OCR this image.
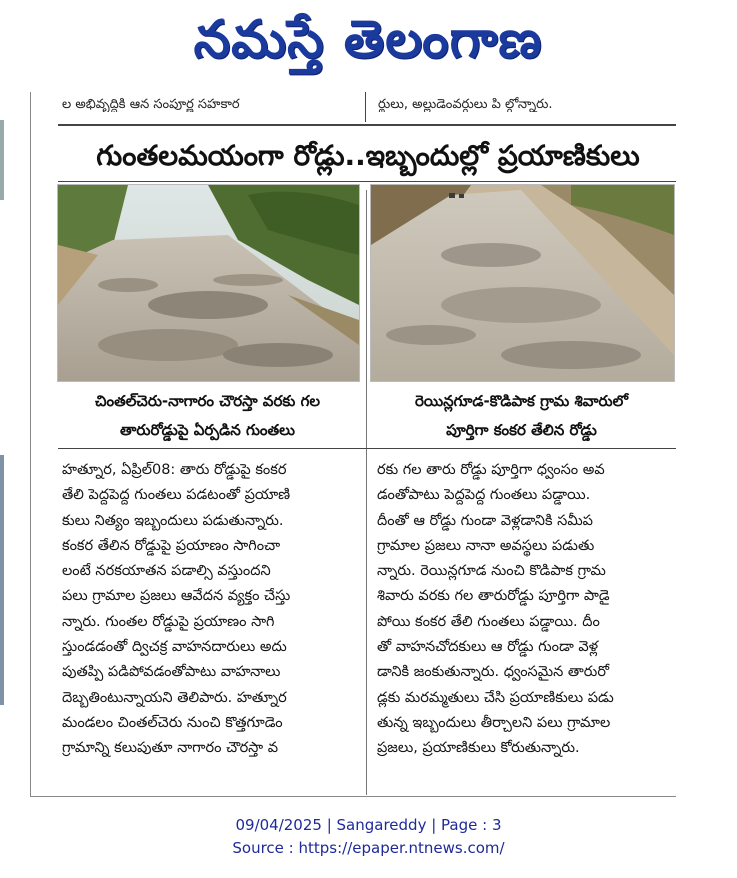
నమస్తే తెలంగాణ
ల అభివృద్ధికి ఆన సంపూర్ణ సహకార	ర్థులు, అల్లుడెంవర్గులు పి ల్గోన్నారు.
గుంతలమయంగా రోడ్లు..ఇబ్బందుల్లో ప్రయాణికులు
చింతల్‌చెరు-నాగారం చౌరస్తా వరకు గల
తారురోడ్డుపై ఏర్పడిన గుంతలు
రెయిన్లగూడ-కొడిపాక గ్రామ శివారులో
పూర్తిగా కంకర తేలిన రోడ్డు
హత్నూర, ఏప్రిల్08: తారు రోడ్డుపై కంకర
తేలి పెద్దపెద్ద గుంతలు పడటంతో ప్రయాణి
కులు నిత్యం ఇబ్బందులు పడుతున్నారు.
కంకర తేలిన రోడ్డుపై ప్రయాణం సాగించా
లంటే నరకయాతన పడాల్సి వస్తుందని
పలు గ్రామాల ప్రజలు ఆవేదన వ్యక్తం చేస్తు
న్నారు. గుంతల రోడ్డుపై ప్రయాణం సాగి
స్తుండడంతో ద్విచక్ర వాహనదారులు అదు
పుతప్పి పడిపోవడంతోపాటు వాహనాలు
దెబ్బతింటున్నాయని తెలిపారు. హత్నూర
మండలం చింతల్‌చెరు నుంచి కొత్తగూడెం
గ్రామాన్ని కలుపుతూ నాగారం చౌరస్తా వ
రకు గల తారు రోడ్డు పూర్తిగా ధ్వంసం అవ
డంతోపాటు పెద్దపెద్ద గుంతలు పడ్డాయి.
దీంతో ఆ రోడ్డు గుండా వెళ్లడానికి సమీప
గ్రామాల ప్రజలు నానా అవస్థలు పడుతు
న్నారు. రెయిన్లగూడ నుంచి కొడిపాక గ్రామ
శివారు వరకు గల తారురోడ్డు పూర్తిగా పాడై
పోయి కంకర తేలి గుంతలు పడ్డాయి. దీం
తో వాహనచోదకులు ఆ రోడ్డు గుండా వెళ్ల
డానికి జంకుతున్నారు. ధ్వంసమైన తారురో
డ్లకు మరమ్మతులు చేసి ప్రయాణికులు పడు
తున్న ఇబ్బందులు తీర్చాలని పలు గ్రామాల
ప్రజలు, ప్రయాణికులు కోరుతున్నారు.
09/04/2025 | Sangareddy | Page : 3
Source : https://epaper.ntnews.com/
